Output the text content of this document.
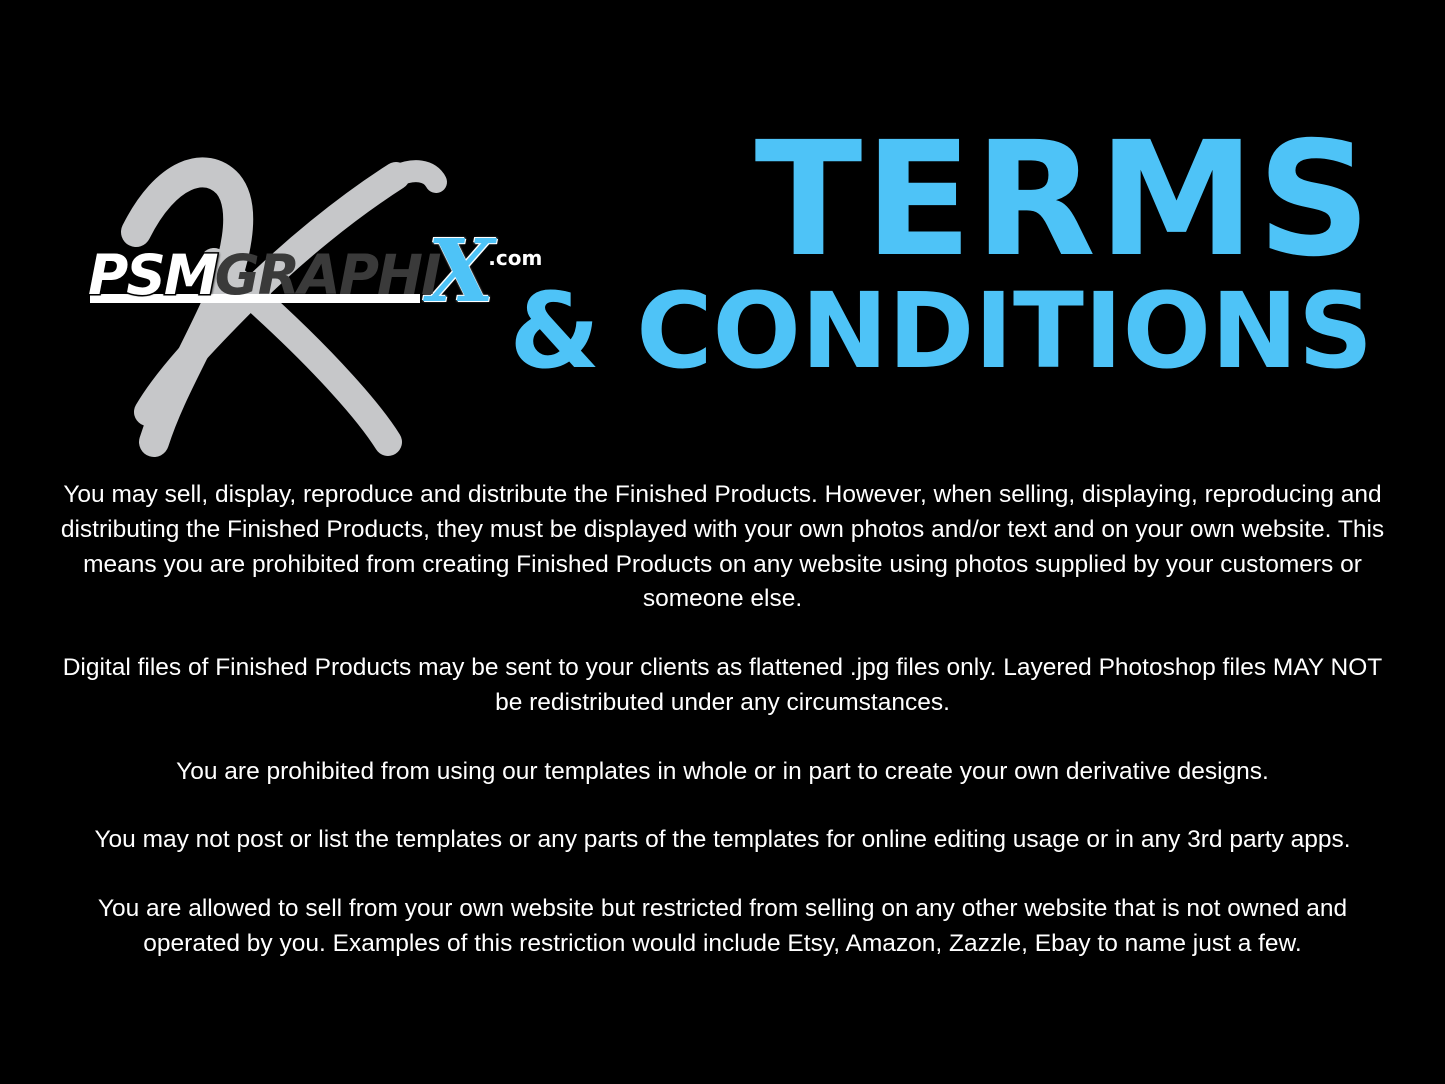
PSM
GRAPHI
X
.com	TERMS
& CONDITIONS

You may sell, display, reproduce and distribute the Finished Products. However, when selling, displaying, reproducing and distributing the Finished Products, they must be displayed with your own photos and/or text and on your own website. This means you are prohibited from creating Finished Products on any website using photos supplied by your customers or someone else.

Digital files of Finished Products may be sent to your clients as flattened .jpg files only. Layered Photoshop files MAY NOT be redistributed under any circumstances.

You are prohibited from using our templates in whole or in part to create your own derivative designs.

You may not post or list the templates or any parts of the templates for online editing usage or in any 3rd party apps.

You are allowed to sell from your own website but restricted from selling on any other website that is not owned and operated by you. Examples of this restriction would include Etsy, Amazon, Zazzle, Ebay to name just a few.
